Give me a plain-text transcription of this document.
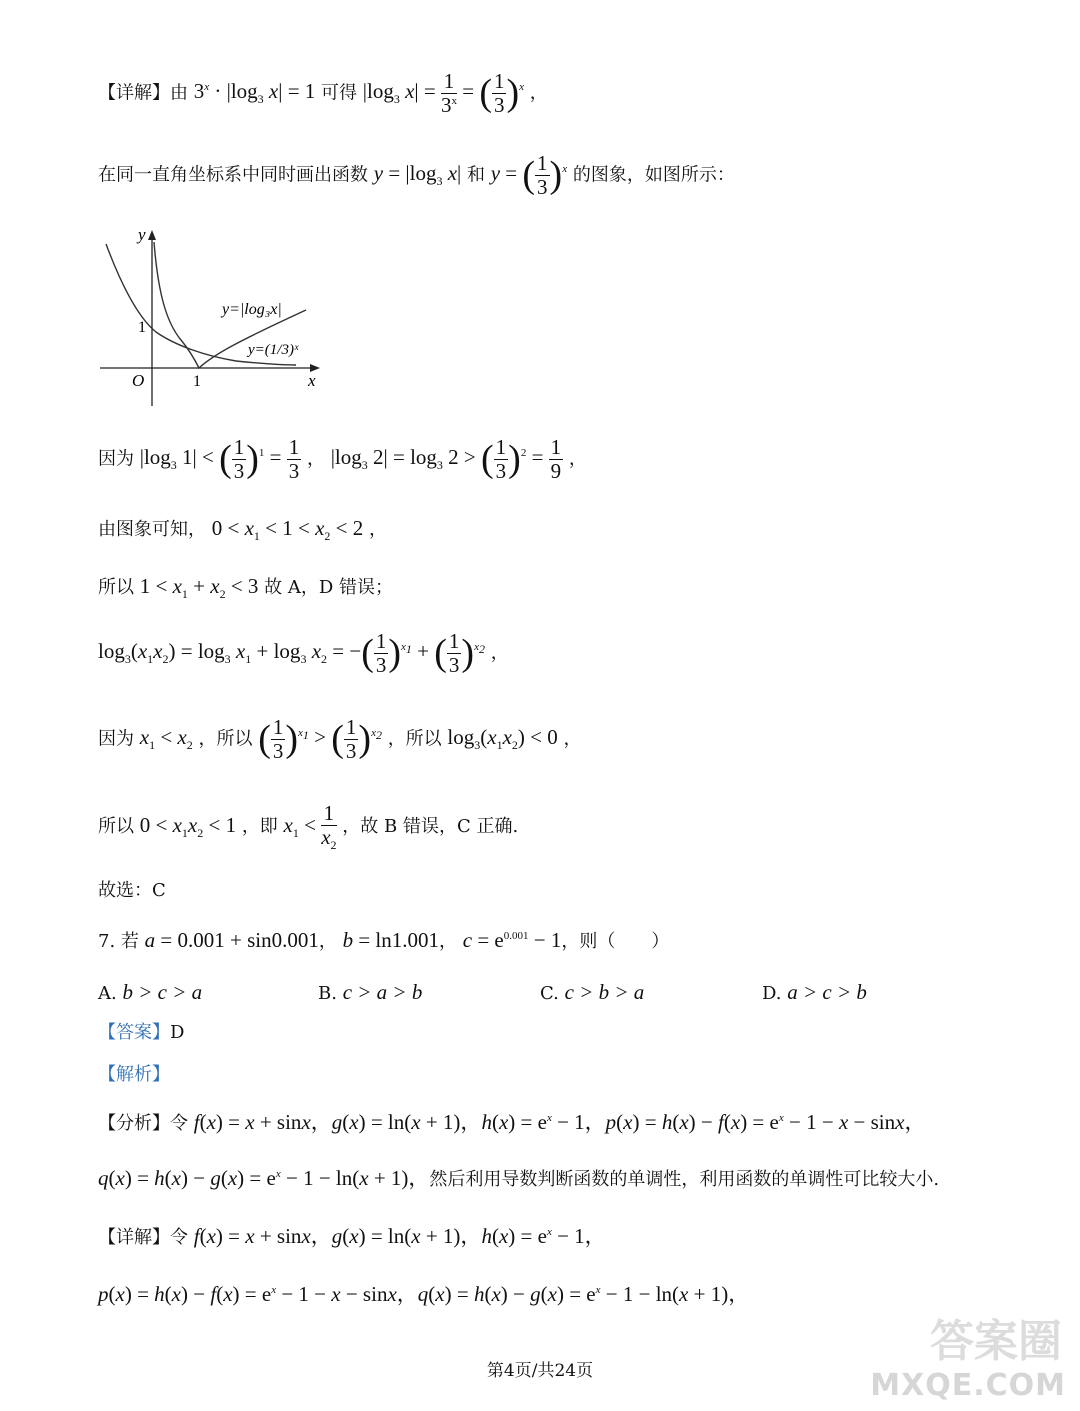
【详解】由 $3^x \cdot |\log_3$ x| = 1 可得 $|\log_3$ $x| = \frac{1}{3^x}$ = ( $\frac{1}{3} )^x$ ，
在同一直角坐标系中同时画出函数 $y = |\log_3$ x| 和 y = ( $\frac{1}{3} )^x$ 的图象，如图所示：
y
x
O	1
1
y=|log₃x|
y=(1/3)ˣ
因为 $|\log_3$ 1| < ( $\frac{1}{3} )^1 = \frac{1}{3}$ ， $|\log_3$ $2| = \log_3 2$ > ( $\frac{1}{3} )^2 = \frac{1}{9}$ ，
由图象可知， $0 < x_1 < 1 < x_2 < 2$ ，
所以 $1 < x_1 + x_2 < 3$ 故 A，D 错误；
$\log_3(x_1x_2) = \log_3 x_1 + \log_3 x_2$ = −( $\frac{1}{3} )^{x_1}$ + ( $\frac{1}{3} )^{x_2}$ ，
因为 $x_1 < x_2$ ，所以 ( $\frac{1}{3} )^{x_1}$ > ( $\frac{1}{3} )^{x_2}$ ，所以 $\log_3(x_1x_2) < 0$ ，
所以 $0 < x_1x_2 < 1$ ，即 $x_1 < \frac{1}{x_2}$ ，故 B 错误，C 正确.
故选：C
7. 若 a = 0.001 + sin0.001， b = ln1.001， $c = e^{0.001} - 1$，则（　　）
A. b > c > a	B. c > a > b	C. c > b > a	D. a > c > b
【答案】D
【解析】
【分析】令 f(x) = x + sinx，g(x) = ln(x + 1)，$h(x) = e^x - 1$，$p(x) = h(x) - f(x) = e^x - 1 - x - \sin x$，
$q(x) = h(x) - g(x) = e^x - 1 - \ln(x + 1)$，然后利用导数判断函数的单调性，利用函数的单调性可比较大小.
【详解】令 f(x) = x + sinx，g(x) = ln(x + 1)，$h(x) = e^x - 1$，
$p(x) = h(x) - f(x) = e^x - 1 - x - \sin x$，$q(x) = h(x) - g(x) = e^x - 1 - \ln(x + 1)$，
第4页/共24页
答案圈
MXQE.COM
